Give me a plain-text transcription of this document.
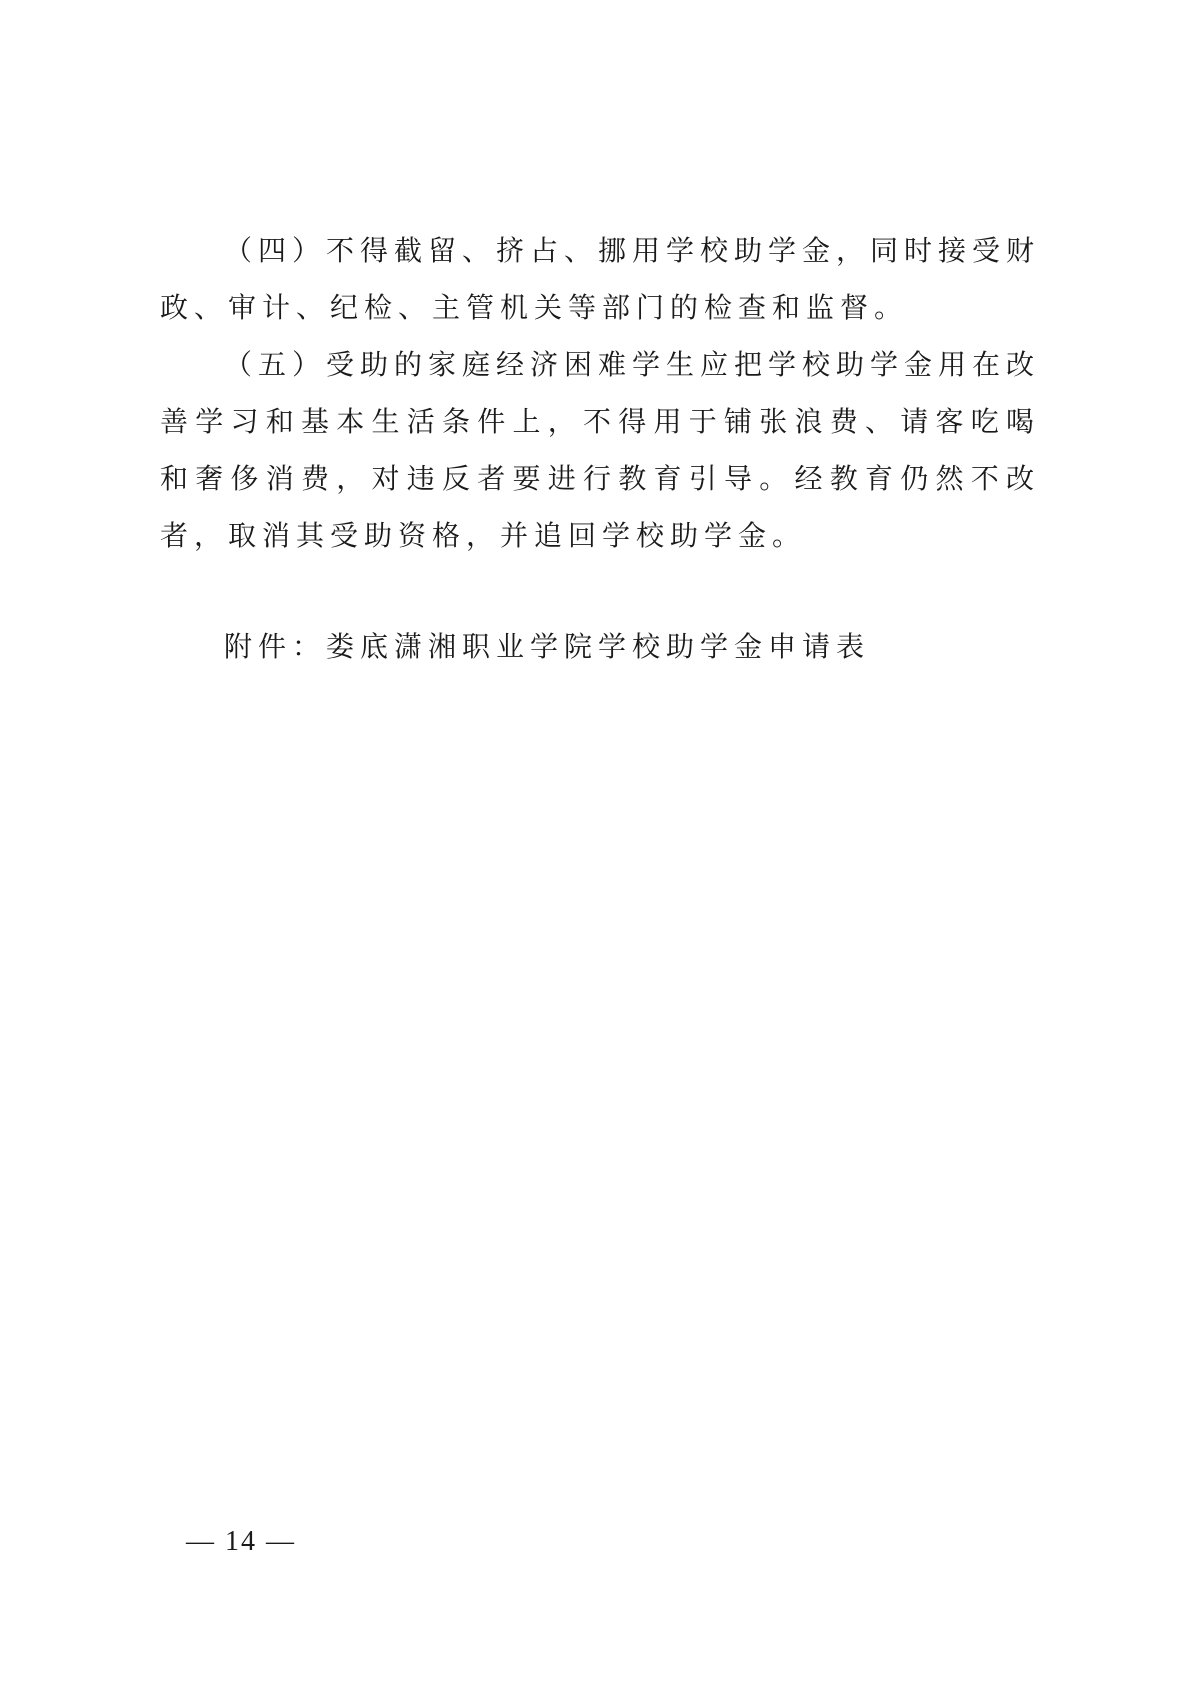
（四）不得截留、挤占、挪用学校助学金，同时接受财政、审计、纪检、主管机关等部门的检查和监督。

（五）受助的家庭经济困难学生应把学校助学金用在改善学习和基本生活条件上，不得用于铺张浪费、请客吃喝和奢侈消费，对违反者要进行教育引导。经教育仍然不改者，取消其受助资格，并追回学校助学金。

附件：娄底潇湘职业学院学校助学金申请表

— 14 —
